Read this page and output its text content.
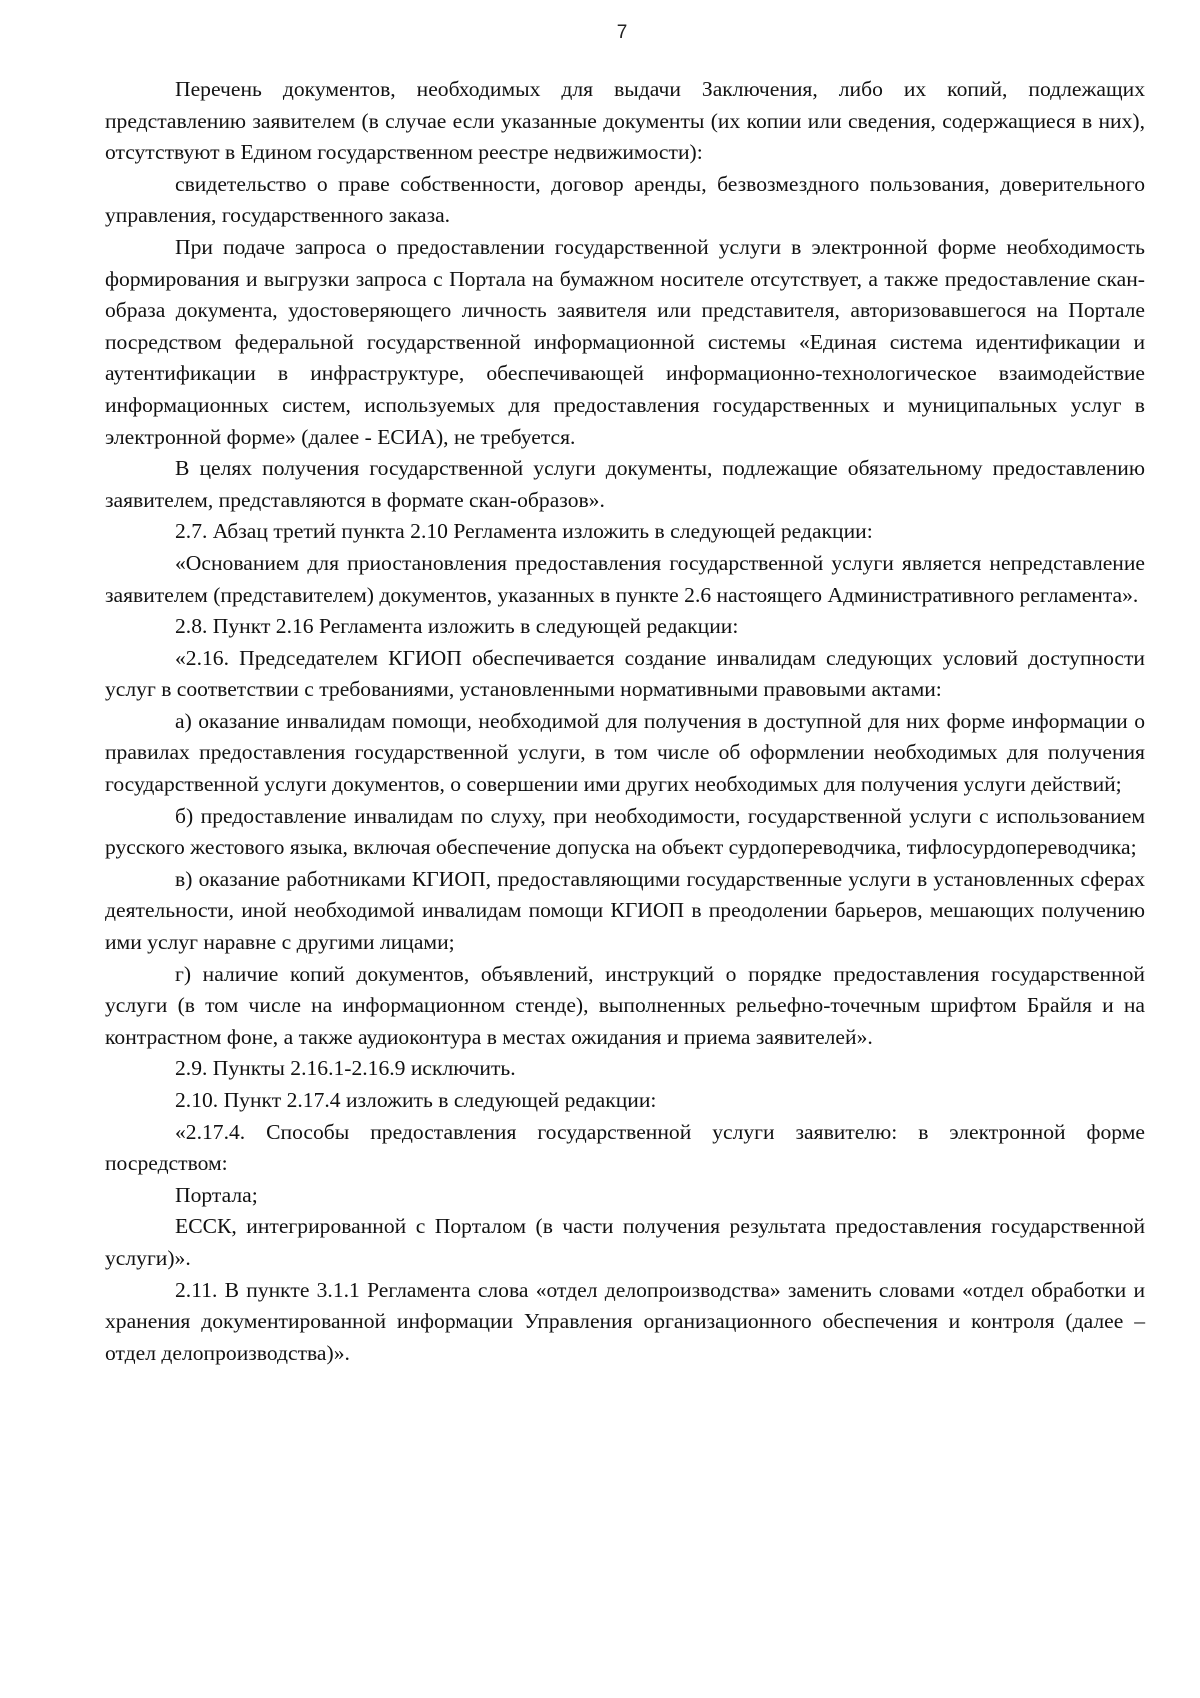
7

Перечень документов, необходимых для выдачи Заключения, либо их копий, подлежащих представлению заявителем (в случае если указанные документы (их копии или сведения, содержащиеся в них), отсутствуют в Едином государственном реестре недвижимости):

свидетельство о праве собственности, договор аренды, безвозмездного пользования, доверительного управления, государственного заказа.

При подаче запроса о предоставлении государственной услуги в электронной форме необходимость формирования и выгрузки запроса с Портала на бумажном носителе отсутствует, а также предоставление скан-образа документа, удостоверяющего личность заявителя или представителя, авторизовавшегося на Портале посредством федеральной государственной информационной системы «Единая система идентификации и аутентификации в инфраструктуре, обеспечивающей информационно-технологическое взаимодействие информационных систем, используемых для предоставления государственных и муниципальных услуг в электронной форме» (далее - ЕСИА), не требуется.

В целях получения государственной услуги документы, подлежащие обязательному предоставлению заявителем, представляются в формате скан-образов».

2.7. Абзац третий пункта 2.10 Регламента изложить в следующей редакции:

«Основанием для приостановления предоставления государственной услуги является непредставление заявителем (представителем) документов, указанных в пункте 2.6 настоящего Административного регламента».

2.8. Пункт 2.16 Регламента изложить в следующей редакции:

«2.16. Председателем КГИОП обеспечивается создание инвалидам следующих условий доступности услуг в соответствии с требованиями, установленными нормативными правовыми актами:

а) оказание инвалидам помощи, необходимой для получения в доступной для них форме информации о правилах предоставления государственной услуги, в том числе об оформлении необходимых для получения государственной услуги документов, о совершении ими других необходимых для получения услуги действий;

б) предоставление инвалидам по слуху, при необходимости, государственной услуги с использованием русского жестового языка, включая обеспечение допуска на объект сурдопереводчика, тифлосурдопереводчика;

в) оказание работниками КГИОП, предоставляющими государственные услуги в установленных сферах деятельности, иной необходимой инвалидам помощи КГИОП в преодолении барьеров, мешающих получению ими услуг наравне с другими лицами;

г) наличие копий документов, объявлений, инструкций о порядке предоставления государственной услуги (в том числе на информационном стенде), выполненных рельефно-точечным шрифтом Брайля и на контрастном фоне, а также аудиоконтура в местах ожидания и приема заявителей».

2.9. Пункты 2.16.1-2.16.9 исключить.

2.10. Пункт 2.17.4 изложить в следующей редакции:

«2.17.4. Способы предоставления государственной услуги заявителю: в электронной форме посредством:

Портала;

ЕССК, интегрированной с Порталом (в части получения результата предоставления государственной услуги)».

2.11. В пункте 3.1.1 Регламента слова «отдел делопроизводства» заменить словами «отдел обработки и хранения документированной информации Управления организационного обеспечения и контроля (далее – отдел делопроизводства)».
